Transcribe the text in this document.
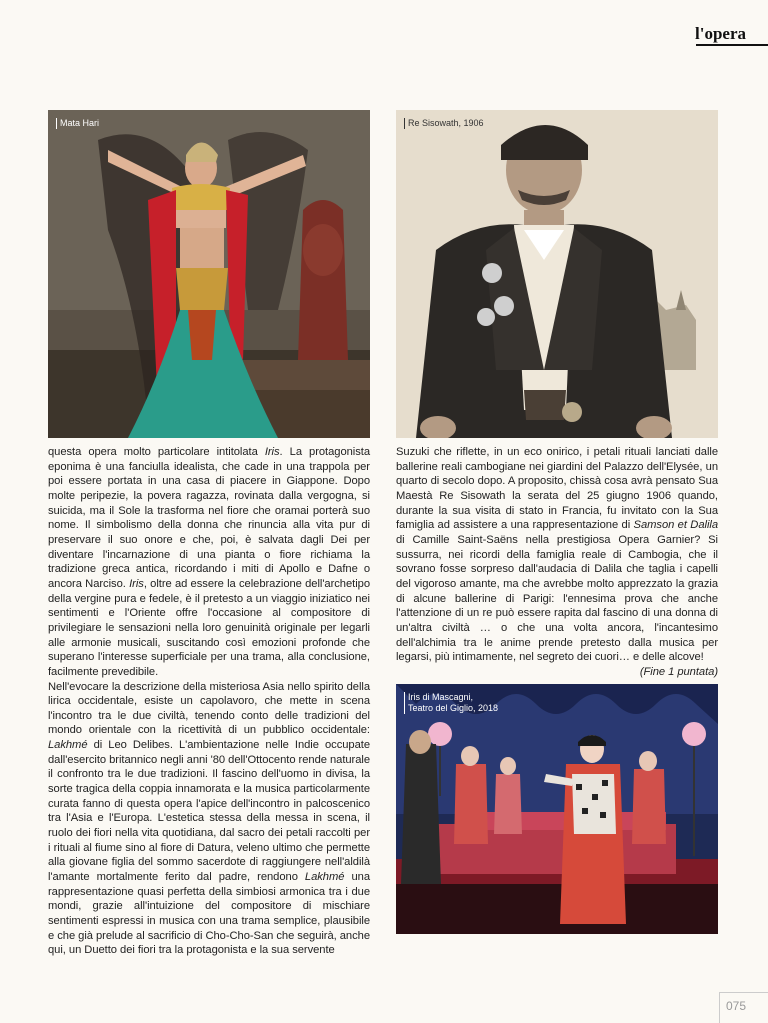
l'opera
Mata Hari	Re Sisowath, 1906
Iris di Mascagni,
Teatro del Giglio, 2018

questa opera molto particolare intitolata Iris. La protagonista eponima è una fanciulla idealista, che cade in una trappola per poi essere portata in una casa di piacere in Giappone. Dopo molte peripezie, la povera ragazza, rovinata dalla vergogna, si suicida, ma il Sole la trasforma nel fiore che oramai porterà suo nome. Il simbolismo della donna che rinuncia alla vita pur di preservare il suo onore e che, poi, è salvata dagli Dei per diventare l'incarnazione di una pianta o fiore richiama la tradizione greca antica, ricordando i miti di Apollo e Dafne o ancora Narciso. Iris, oltre ad essere la celebrazione dell'archetipo della vergine pura e fedele, è il pretesto a un viaggio iniziatico nei sentimenti e l'Oriente offre l'occasione al compositore di privilegiare le sensazioni nella loro genuinità originale per legarli alle armonie musicali, suscitando così emozioni profonde che superano l'interesse superficiale per una trama, alla conclusione, facilmente prevedibile.

Nell'evocare la descrizione della misteriosa Asia nello spirito della lirica occidentale, esiste un capolavoro, che mette in scena l'incontro tra le due civiltà, tenendo conto delle tradizioni del mondo orientale con la ricettività di un pubblico occidentale: Lakhmé di Leo Delibes. L'ambientazione nelle Indie occupate dall'esercito britannico negli anni '80 dell'Ottocento rende naturale il confronto tra le due tradizioni. Il fascino dell'uomo in divisa, la sorte tragica della coppia innamorata e la musica particolarmente curata fanno di questa opera l'apice dell'incontro in palcoscenico tra l'Asia e l'Europa. L'estetica stessa della messa in scena, il ruolo dei fiori nella vita quotidiana, dal sacro dei petali raccolti per i rituali al fiume sino al fiore di Datura, veleno ultimo che permette alla giovane figlia del sommo sacerdote di raggiungere nell'aldilà l'amante mortalmente ferito dal padre, rendono Lakhmé una rappresentazione quasi perfetta della simbiosi armonica tra i due mondi, grazie all'intuizione del compositore di mischiare sentimenti espressi in musica con una trama semplice, plausibile e che già prelude al sacrificio di Cho-Cho-San che seguirà, anche qui, un Duetto dei fiori tra la protagonista e la sua servente

Suzuki che riflette, in un eco onirico, i petali rituali lanciati dalle ballerine reali cambogiane nei giardini del Palazzo dell'Elysée, un quarto di secolo dopo. A proposito, chissà cosa avrà pensato Sua Maestà Re Sisowath la serata del 25 giugno 1906 quando, durante la sua visita di stato in Francia, fu invitato con la Sua famiglia ad assistere a una rappresentazione di Samson et Dalila di Camille Saint-Saëns nella prestigiosa Opera Garnier? Si sussurra, nei ricordi della famiglia reale di Cambogia, che il sovrano fosse sorpreso dall'audacia di Dalila che taglia i capelli del vigoroso amante, ma che avrebbe molto apprezzato la grazia di alcune ballerine di Parigi: l'ennesima prova che anche l'attenzione di un re può essere rapita dal fascino di una donna di un'altra civiltà … o che una volta ancora, l'incantesimo dell'alchimia tra le anime prende pretesto dalla musica per legarsi, più intimamente, nel segreto dei cuori… e delle alcove!

(Fine 1 puntata)

075
